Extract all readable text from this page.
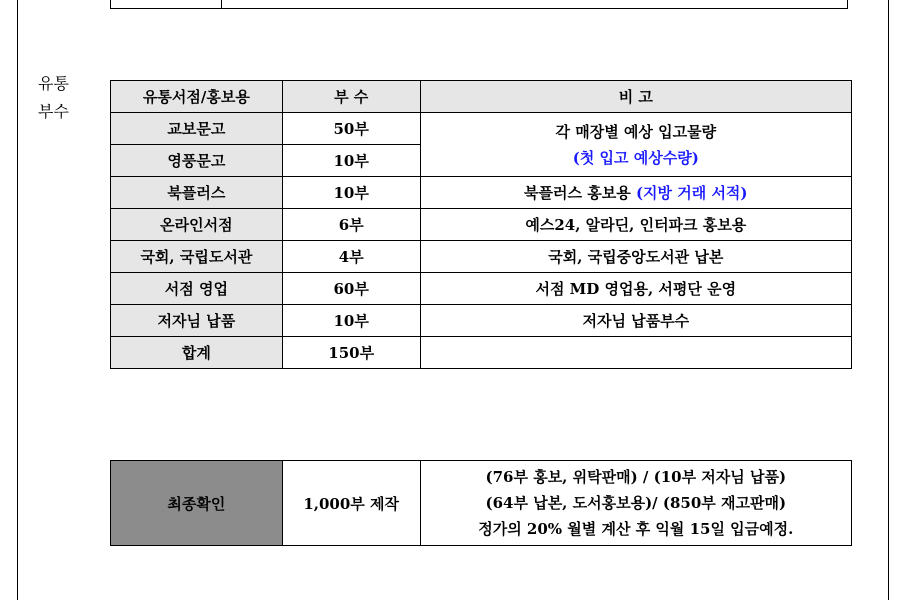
유통
부수
유통서점/홍보용	부 수	비 고
교보문고	50부	각 매장별 예상 입고물량
(첫 입고 예상수량)

영풍문고	10부	
북플러스	10부	북플러스 홍보용 (지방 거래 서적)
온라인서점	6부	예스24, 알라딘, 인터파크 홍보용
국회, 국립도서관	4부	국회, 국립중앙도서관 납본
서점 영업	60부	서점 MD 영업용, 서평단 운영
저자님 납품	10부	저자님 납품부수
합계	150부	
최종확인	1,000부 제작	
(76부 홍보, 위탁판매) / (10부 저자님 납품)
(64부 납본, 도서홍보용)/ (850부 재고판매)
정가의 20% 월별 계산 후 익월 15일 입금예정.
